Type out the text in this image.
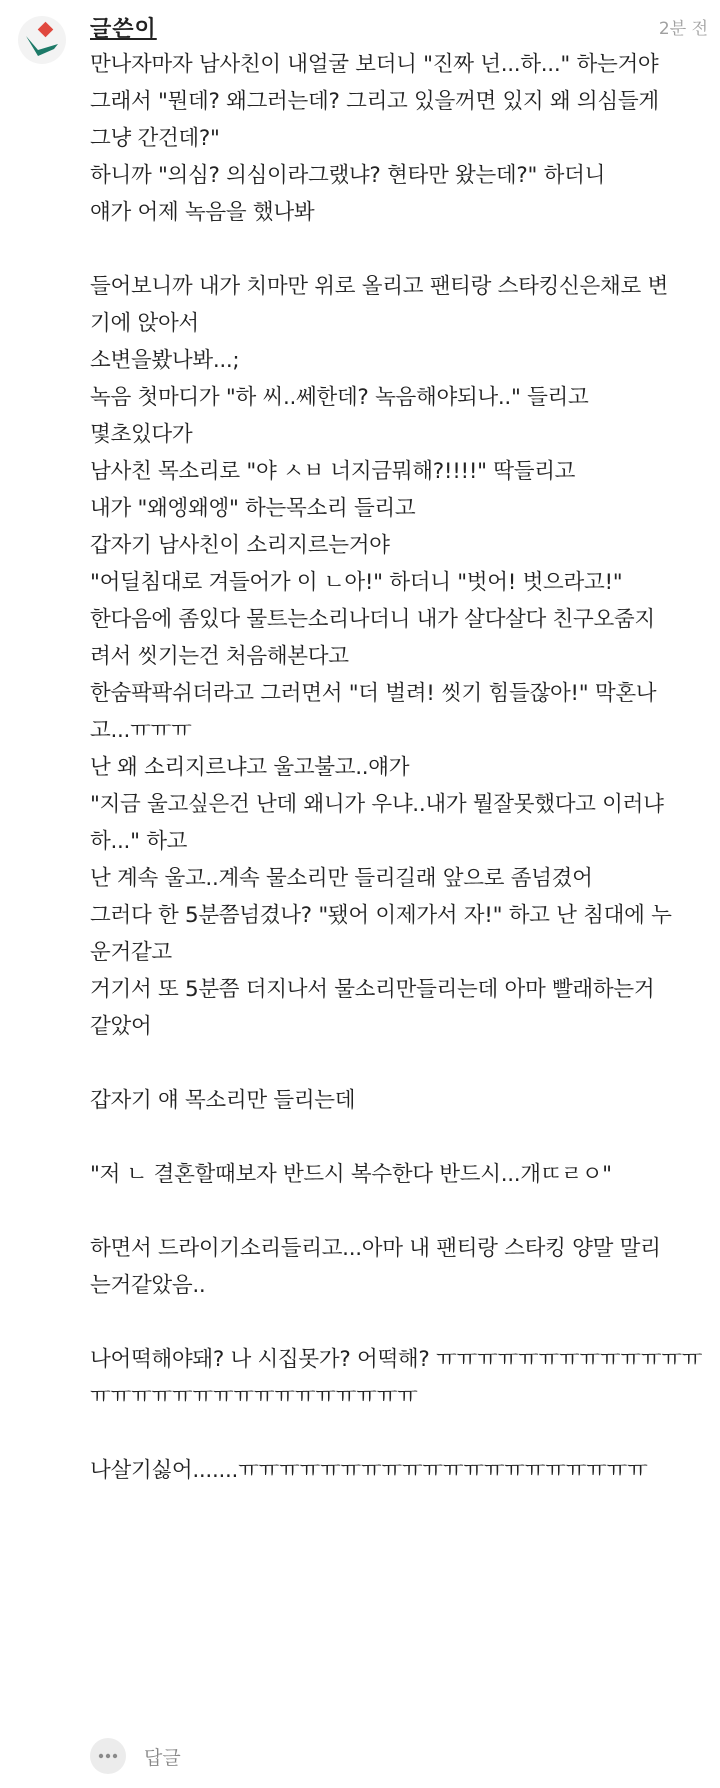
글쓴이	2분 전
만나자마자 남사친이 내얼굴 보더니 "진짜 넌...하..." 하는거야
그래서 "뭔데? 왜그러는데? 그리고 있을꺼면 있지 왜 의심들게
그냥 간건데?"
하니까 "의심? 의심이라그랬냐? 현타만 왔는데?" 하더니
얘가 어제 녹음을 했나봐
들어보니까 내가 치마만 위로 올리고 팬티랑 스타킹신은채로 변
기에 앉아서
소변을봤나봐...;
녹음 첫마디가 "하 씨..쎄한데? 녹음해야되나.." 들리고
몇초있다가
남사친 목소리로 "야 ㅅㅂ 너지금뭐해?!!!!" 딱들리고
내가 "왜엥왜엥" 하는목소리 들리고
갑자기 남사친이 소리지르는거야
"어딜침대로 겨들어가 이 ㄴ아!" 하더니 "벗어! 벗으라고!"
한다음에 좀있다 물트는소리나더니 내가 살다살다 친구오줌지
려서 씻기는건 처음해본다고
한숨팍팍쉬더라고 그러면서 "더 벌려! 씻기 힘들잖아!" 막혼나
고...ㅠㅠㅠ
난 왜 소리지르냐고 울고불고..얘가
"지금 울고싶은건 난데 왜니가 우냐..내가 뭘잘못했다고 이러냐
하..." 하고
난 계속 울고..계속 물소리만 들리길래 앞으로 좀넘겼어
그러다 한 5분쯤넘겼나? "됐어 이제가서 자!" 하고 난 침대에 누
운거같고
거기서 또 5분쯤 더지나서 물소리만들리는데 아마 빨래하는거
같았어
갑자기 얘 목소리만 들리는데
"저 ㄴ 결혼할때보자 반드시 복수한다 반드시...개ㄸㄹㅇ"
하면서 드라이기소리들리고...아마 내 팬티랑 스타킹 양말 말리
는거같았음..
나어떡해야돼? 나 시집못가? 어떡해? ㅠㅠㅠㅠㅠㅠㅠㅠㅠㅠㅠㅠㅠ
ㅠㅠㅠㅠㅠㅠㅠㅠㅠㅠㅠㅠㅠㅠㅠㅠ
나살기싫어.......ㅠㅠㅠㅠㅠㅠㅠㅠㅠㅠㅠㅠㅠㅠㅠㅠㅠㅠㅠㅠ
답글
